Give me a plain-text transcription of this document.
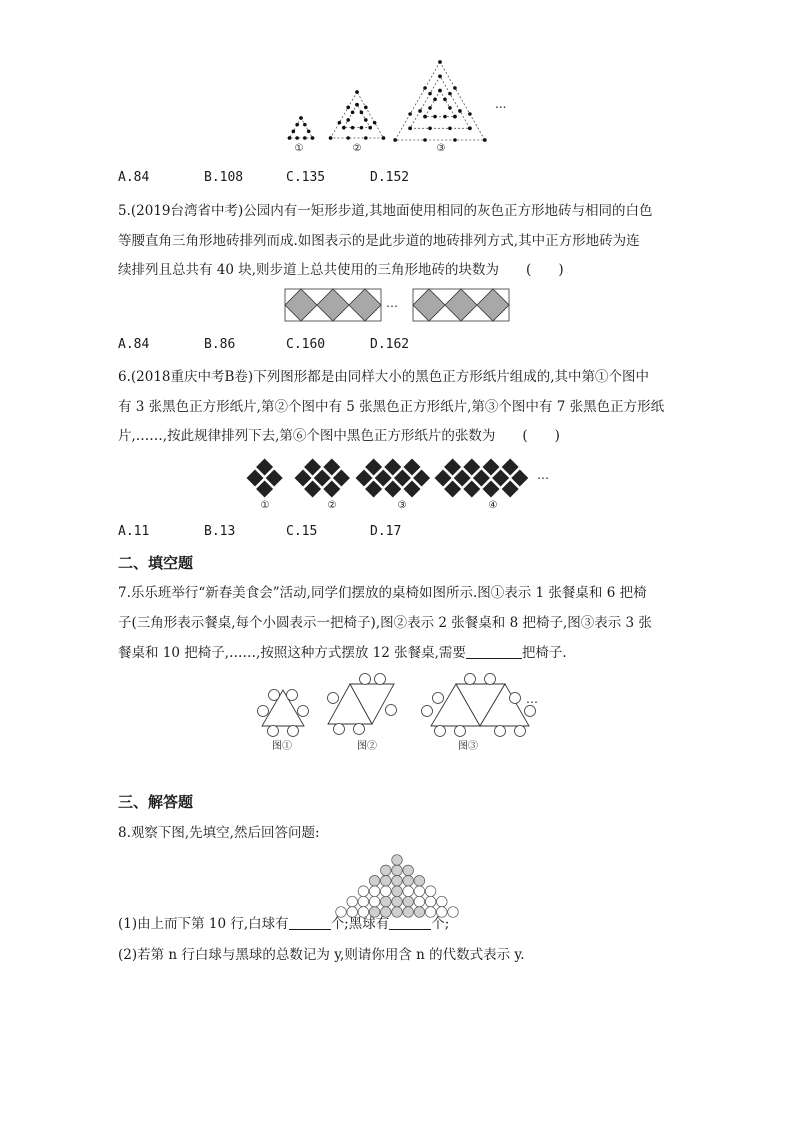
①	②	③
...
A.84	B.108	C.135	D.152
5.(2019台湾省中考)公园内有一矩形步道,其地面使用相同的灰色正方形地砖与相同的白色
等腰直角三角形地砖排列而成.如图表示的是此步道的地砖排列方式,其中正方形地砖为连
续排列且总共有 40 块,则步道上总共使用的三角形地砖的块数为　　(　　)
…
A.84	B.86	C.160	D.162
6.(2018重庆中考B卷)下列图形都是由同样大小的黑色正方形纸片组成的,其中第①个图中
有 3 张黑色正方形纸片,第②个图中有 5 张黑色正方形纸片,第③个图中有 7 张黑色正方形纸
片,……,按此规律排列下去,第⑥个图中黑色正方形纸片的张数为　　(　　)
①	②	③	④
…
A.11	B.13	C.15	D.17
二、填空题
7.乐乐班举行“新春美食会”活动,同学们摆放的桌椅如图所示.图①表示 1 张餐桌和 6 把椅
子(三角形表示餐桌,每个小圆表示一把椅子),图②表示 2 张餐桌和 8 把椅子,图③表示 3 张
餐桌和 10 把椅子,……,按照这种方式摆放 12 张餐桌,需要	把椅子.
图①	图②	图③
…
三、解答题
8.观察下图,先填空,然后回答问题:
(1)由上而下第 10 行,白球有	个;黑球有	个;
(2)若第 n 行白球与黑球的总数记为 y,则请你用含 n 的代数式表示 y.
